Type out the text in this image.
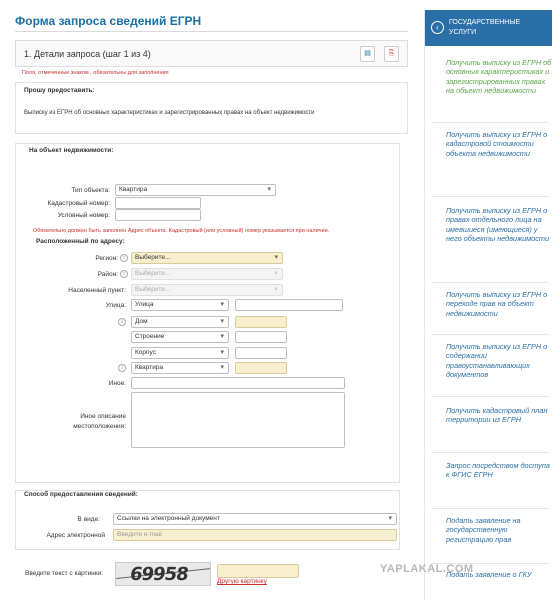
Форма запроса сведений ЕГРН
1. Детали запроса (шаг 1 из 4)	▤	⎘
Поля, отмеченные знаком , обязательны для заполнения
Прошу предоставить:
Выписку из ЕГРН об основных характеристиках и зарегистрированных правах на объект недвижимости
На объект недвижимости:
Тип объекта:	Квартира ▾
Кадастровый номер:
Условный номер:
Обязательно должен быть заполнен Адрес объекта. Кадастровый (или условный) номер указывается при наличии.
Расположенный по адресу:
Регион:	i	Выберите... ▾
Район:	i	Выберите... ▾
Населенный пункт:	Выберите... ▾
Улица:	Улица ▾
i	Дом ▾
Строение ▾
Корпус ▾
i	Квартира ▾
Иное:
Иное описание
местоположения:
Способ предоставления сведений:
В виде:	Ссылки на электронный документ ▾
Адрес электронной	Введите e-mail
Введите текст с картинки: 69958	Другую картинку
‹
ГОСУДАРСТВЕННЫЕ УСЛУГИ
Получить выписку из ЕГРН об основных характеристиках и зарегистрированных правах на объект недвижимости
Получить выписку из ЕГРН о кадастровой стоимости объекта недвижимости
Получить выписку из ЕГРН о правах отдельного лица на имевшиеся (имеющиеся) у него объекты недвижимости
Получить выписку из ЕГРН о переходе прав на объект недвижимости
Получить выписку из ЕГРН о содержании правоустанавливающих документов
Получить кадастровый план территории из ЕГРН
Запрос посредством доступа к ФГИС ЕГРН
Подать заявление на государственную регистрацию прав
Подать заявление о ГКУ
YAPLAKAL.COM
